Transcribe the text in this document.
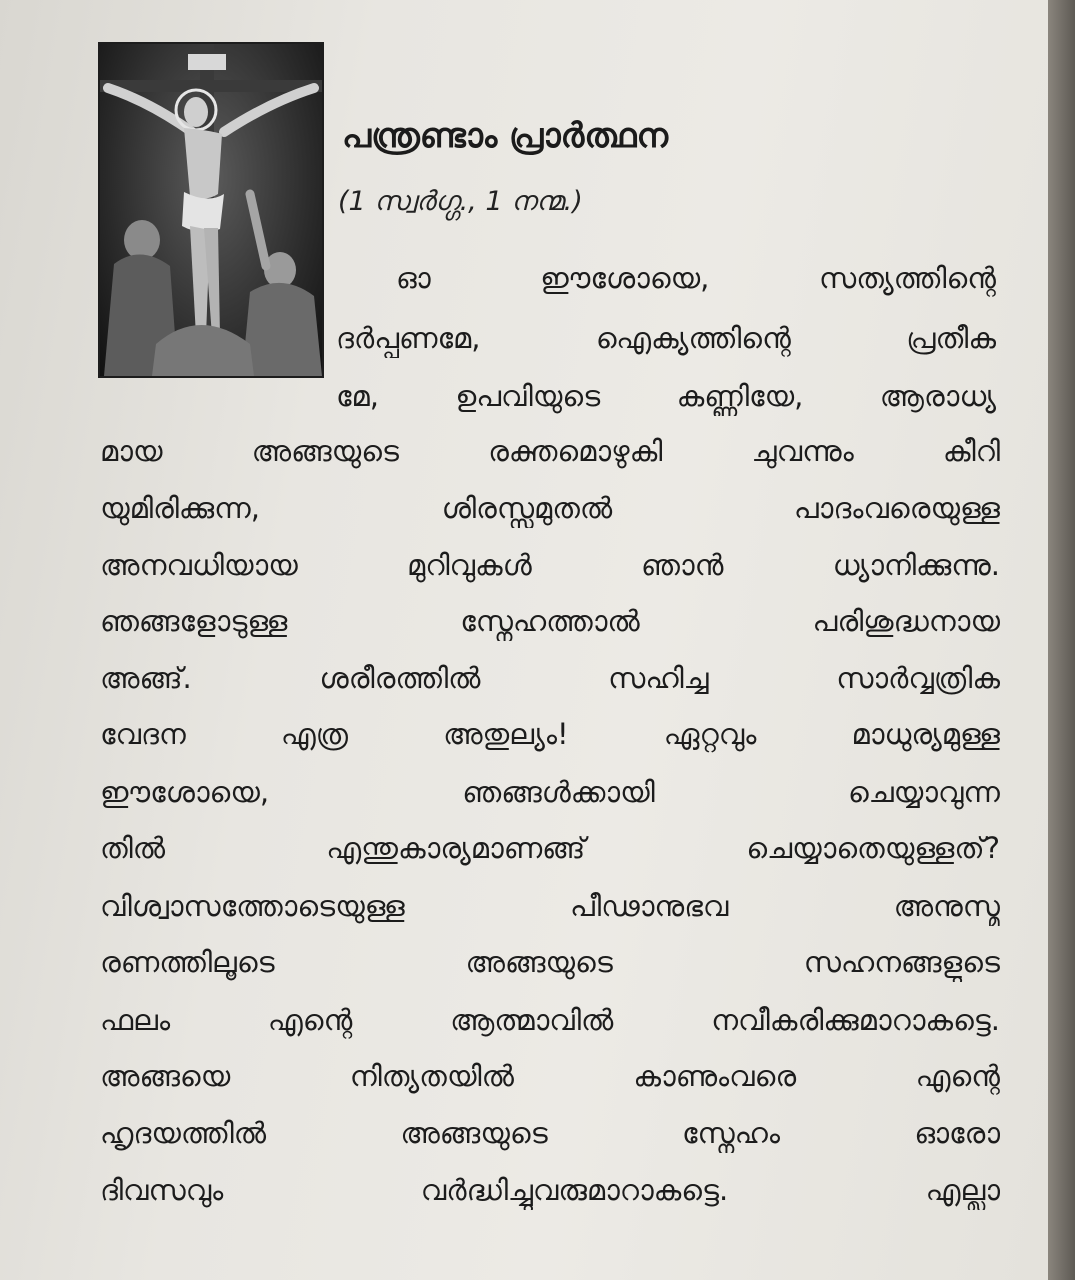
പന്ത്രണ്ടാം പ്രാർത്ഥന
(1 സ്വർഗ്ഗ., 1 നന്മ.)
ഓ ഈശോയെ, സത്യത്തിന്റെ
ദർപ്പണമേ, ഐക്യത്തിന്റെ പ്രതീക
മേ, ഉപവിയുടെ കണ്ണിയേ, ആരാധ്യ
മായ അങ്ങയുടെ രക്തമൊഴുകി ചുവന്നും കീറി
യുമിരിക്കുന്ന, ശിരസ്സുമുതൽ പാദംവരെയുള്ള
അനവധിയായ മുറിവുകൾ ഞാൻ ധ്യാനിക്കുന്നു.
ഞങ്ങളോടുള്ള സ്നേഹത്താൽ പരിശുദ്ധനായ
അങ്ങ്. ശരീരത്തിൽ സഹിച്ച സാർവ്വത്രിക
വേദന എത്ര അതുല്യം! ഏറ്റവും മാധുര്യമുള്ള
ഈശോയെ, ഞങ്ങൾക്കായി ചെയ്യാവുന്ന
തിൽ എന്തുകാര്യമാണങ്ങ് ചെയ്യാതെയുള്ളത്?
വിശ്വാസത്തോടെയുള്ള പീഢാനുഭവ അനുസ്മ
രണത്തിലൂടെ അങ്ങയുടെ സഹനങ്ങളുടെ
ഫലം എന്റെ ആത്മാവിൽ നവീകരിക്കുമാറാകട്ടെ.
അങ്ങയെ നിത്യതയിൽ കാണുംവരെ എന്റെ
ഹൃദയത്തിൽ അങ്ങയുടെ സ്നേഹം ഓരോ
ദിവസവും വർദ്ധിച്ചുവരുമാറാകട്ടെ. എല്ലാ
